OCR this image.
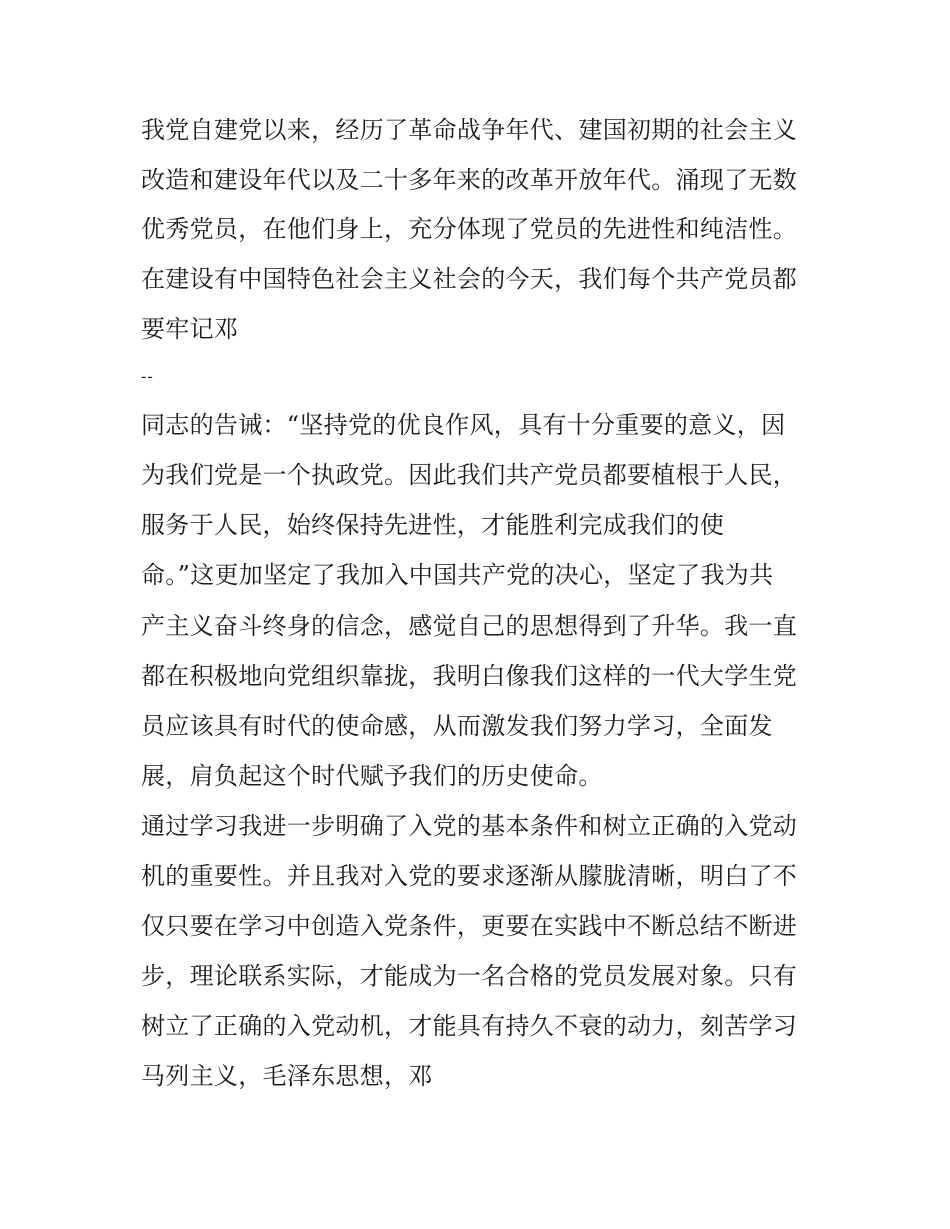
我党自建党以来，经历了革命战争年代、建国初期的社会主义
改造和建设年代以及二十多年来的改革开放年代。涌现了无数
优秀党员，在他们身上，充分体现了党员的先进性和纯洁性。
在建设有中国特色社会主义社会的今天，我们每个共产党员都
要牢记邓
--
同志的告诫：“坚持党的优良作风，具有十分重要的意义，因
为我们党是一个执政党。因此我们共产党员都要植根于人民，
服务于人民，始终保持先进性，才能胜利完成我们的使
命。”这更加坚定了我加入中国共产党的决心，坚定了我为共
产主义奋斗终身的信念，感觉自己的思想得到了升华。我一直
都在积极地向党组织靠拢，我明白像我们这样的一代大学生党
员应该具有时代的使命感，从而激发我们努力学习，全面发
展，肩负起这个时代赋予我们的历史使命。
通过学习我进一步明确了入党的基本条件和树立正确的入党动
机的重要性。并且我对入党的要求逐渐从朦胧清晰，明白了不
仅只要在学习中创造入党条件，更要在实践中不断总结不断进
步，理论联系实际，才能成为一名合格的党员发展对象。只有
树立了正确的入党动机，才能具有持久不衰的动力，刻苦学习
马列主义，毛泽东思想，邓
